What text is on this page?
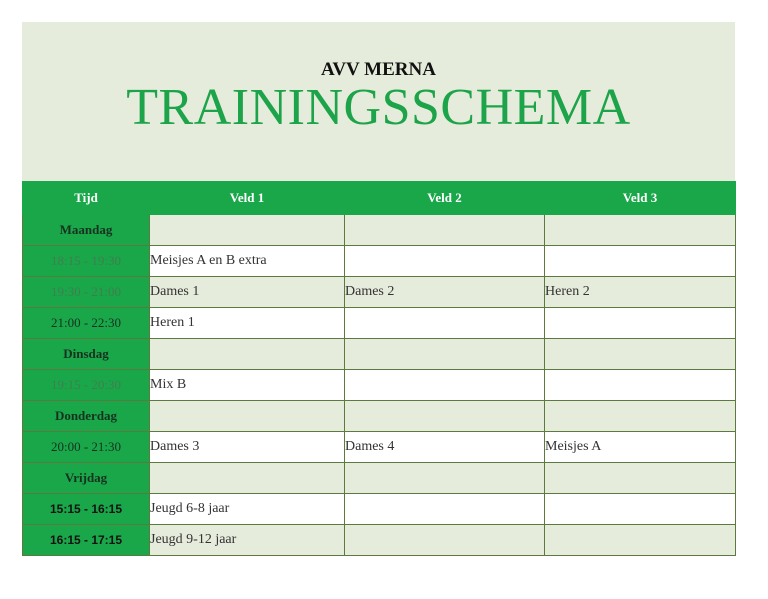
AVV MERNA
TRAININGSSCHEMA
Tijd	Veld 1	Veld 2	Veld 3
Maandag			
18:15 - 19:30	Meisjes A en B extra		
19:30 - 21:00	Dames 1	Dames 2	Heren 2
21:00 - 22:30	Heren 1		
Dinsdag			
19:15 - 20:30	Mix B		
Donderdag			
20:00 - 21:30	Dames 3	Dames 4	Meisjes A
Vrijdag			
15:15 - 16:15	Jeugd 6-8 jaar		
16:15 - 17:15	Jeugd 9-12 jaar		
